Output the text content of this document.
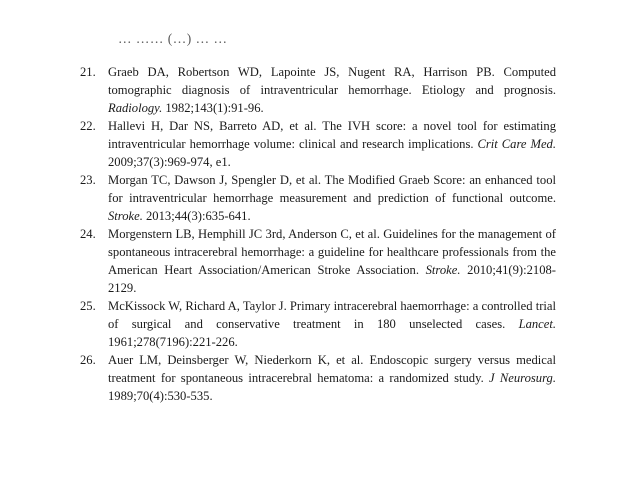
… …… (…) … …
21. Graeb DA, Robertson WD, Lapointe JS, Nugent RA, Harrison PB. Computed tomographic diagnosis of intraventricular hemorrhage. Etiology and prognosis. Radiology. 1982;143(1):91-96.
22. Hallevi H, Dar NS, Barreto AD, et al. The IVH score: a novel tool for estimating intraventricular hemorrhage volume: clinical and research implications. Crit Care Med. 2009;37(3):969-974, e1.
23. Morgan TC, Dawson J, Spengler D, et al. The Modified Graeb Score: an enhanced tool for intraventricular hemorrhage measurement and prediction of functional outcome. Stroke. 2013;44(3):635-641.
24. Morgenstern LB, Hemphill JC 3rd, Anderson C, et al. Guidelines for the management of spontaneous intracerebral hemorrhage: a guideline for healthcare professionals from the American Heart Association/American Stroke Association. Stroke. 2010;41(9):2108-2129.
25. McKissock W, Richard A, Taylor J. Primary intracerebral haemorrhage: a controlled trial of surgical and conservative treatment in 180 unselected cases. Lancet. 1961;278(7196):221-226.
26. Auer LM, Deinsberger W, Niederkorn K, et al. Endoscopic surgery versus medical treatment for spontaneous intracerebral hematoma: a randomized study. J Neurosurg. 1989;70(4):530-535.
